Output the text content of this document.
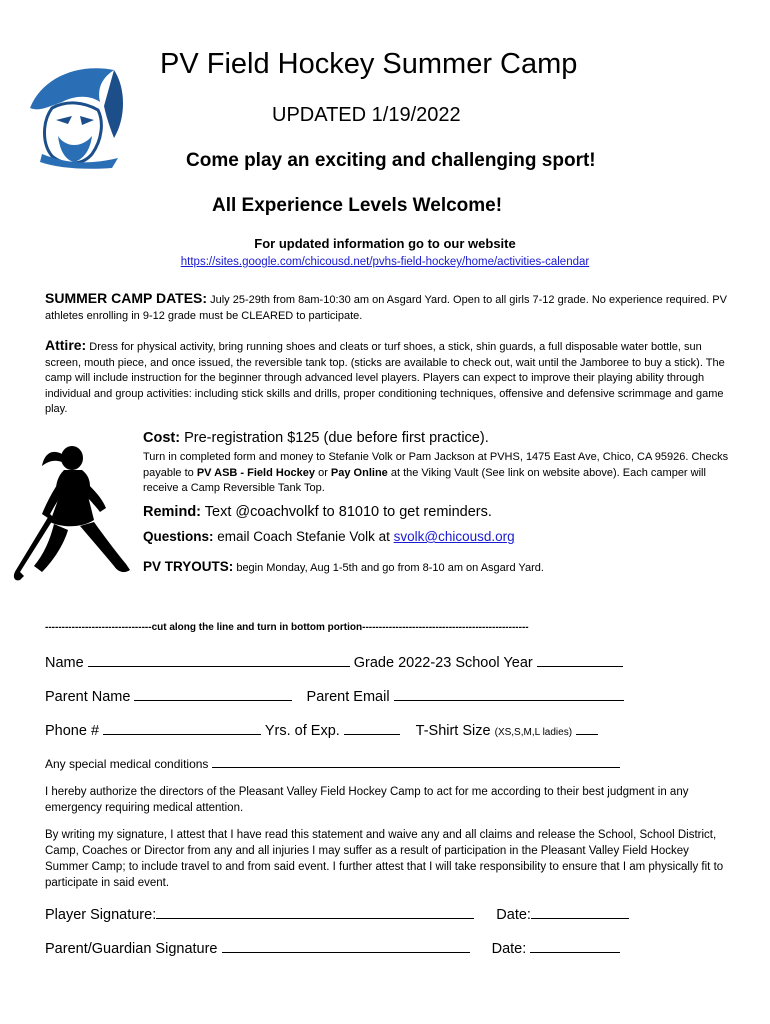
PV Field Hockey Summer Camp
UPDATED 1/19/2022
Come play an exciting and challenging sport!
All Experience Levels Welcome!
For updated information go to our website
https://sites.google.com/chicousd.net/pvhs-field-hockey/home/activities-calendar
SUMMER CAMP DATES: July 25-29th from 8am-10:30 am on Asgard Yard. Open to all girls 7-12 grade. No experience required. PV athletes enrolling in 9-12 grade must be CLEARED to participate.
Attire: Dress for physical activity, bring running shoes and cleats or turf shoes, a stick, shin guards, a full disposable water bottle, sun screen, mouth piece, and once issued, the reversible tank top. (sticks are available to check out, wait until the Jamboree to buy a stick). The camp will include instruction for the beginner through advanced level players. Players can expect to improve their playing ability through individual and group activities: including stick skills and drills, proper conditioning techniques, offensive and defensive scrimmage and game play.
Cost: Pre-registration $125 (due before first practice).
Turn in completed form and money to Stefanie Volk or Pam Jackson at PVHS, 1475 East Ave, Chico, CA 95926. Checks payable to PV ASB - Field Hockey or Pay Online at the Viking Vault (See link on website above). Each camper will receive a Camp Reversible Tank Top.
Remind: Text @coachvolkf to 81010 to get reminders.
Questions: email Coach Stefanie Volk at svolk@chicousd.org
PV TRYOUTS: begin Monday, Aug 1-5th and go from 8-10 am on Asgard Yard.
--------------------------------cut along the line and turn in bottom portion--------------------------------------------------
Name	Grade 2022-23 School Year
Parent Name	Parent Email
Phone #	Yrs. of Exp.	T-Shirt Size (XS,S,M,L ladies)
Any special medical conditions
I hereby authorize the directors of the Pleasant Valley Field Hockey Camp to act for me according to their best judgment in any emergency requiring medical attention.
By writing my signature, I attest that I have read this statement and waive any and all claims and release the School, School District, Camp, Coaches or Director from any and all injuries I may suffer as a result of participation in the Pleasant Valley Field Hockey Summer Camp; to include travel to and from said event. I further attest that I will take responsibility to ensure that I am physically fit to participate in said event.
Player Signature:	Date:
Parent/Guardian Signature	Date:
